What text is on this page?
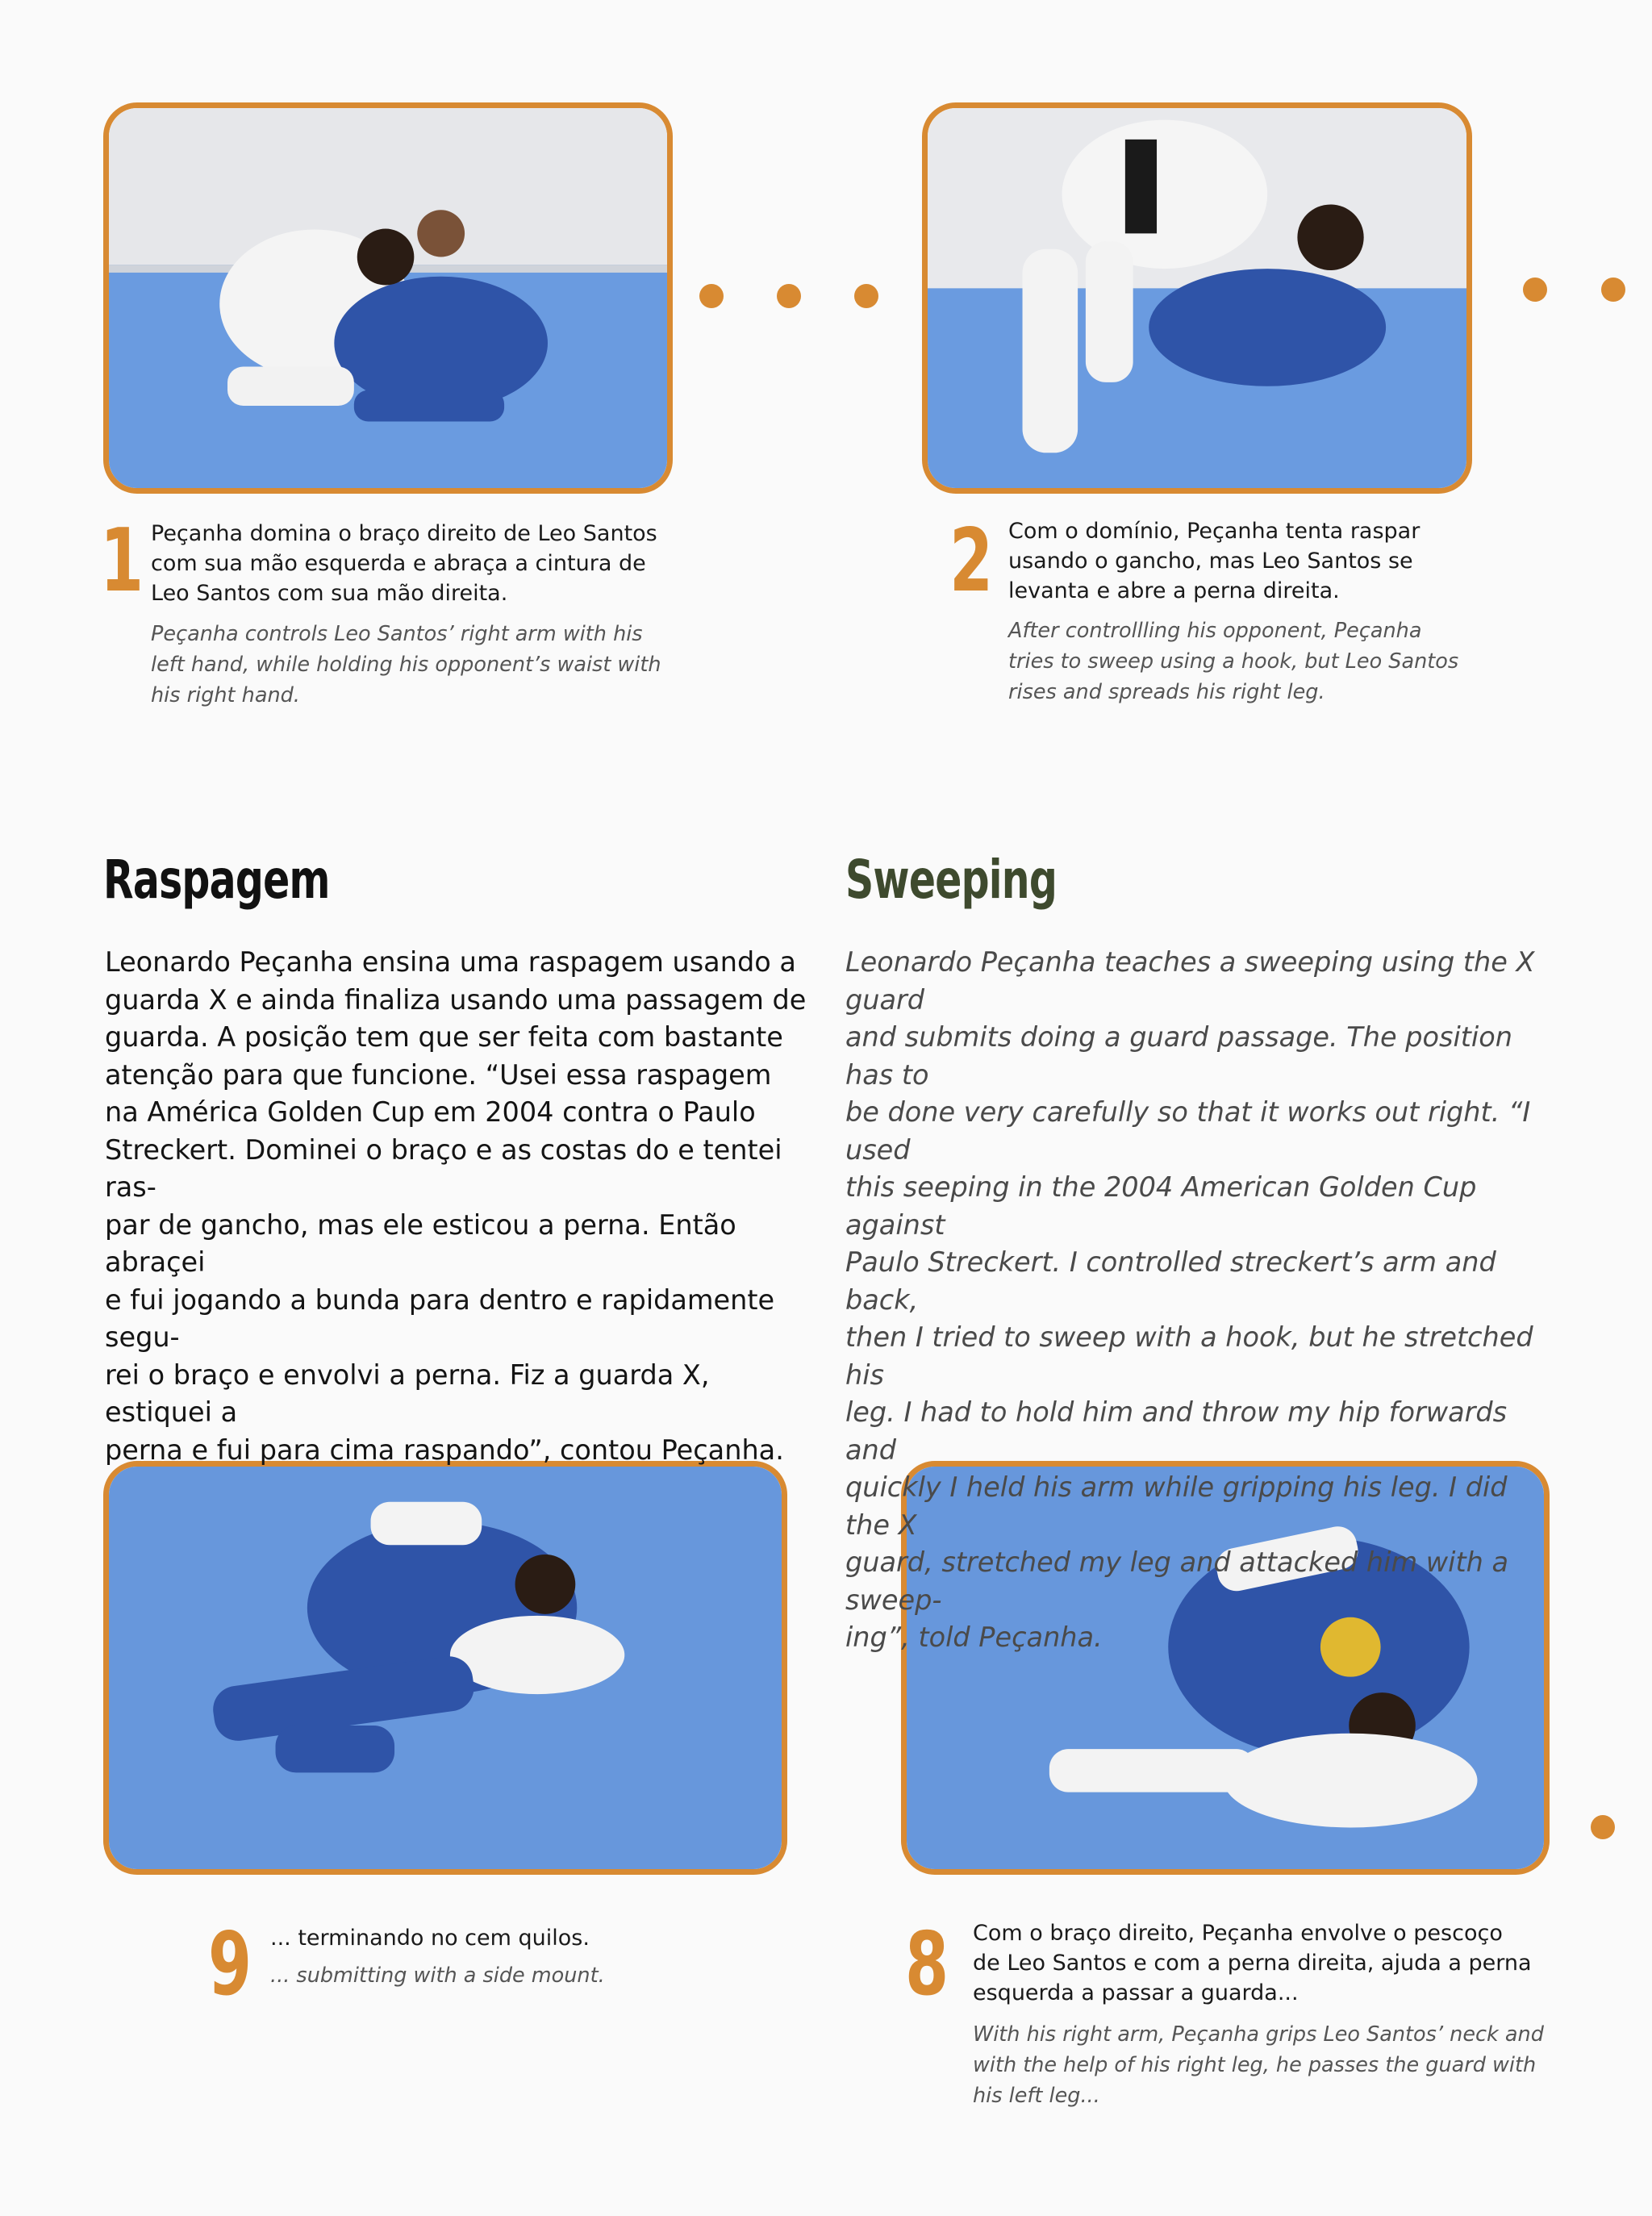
1 Peçanha domina o braço direito de Leo Santos
com sua mão esquerda e abraça a cintura de
Leo Santos com sua mão direita.
Peçanha controls Leo Santos’ right arm with his
left hand, while holding his opponent’s waist with
his right hand.
2 Com o domínio, Peçanha tenta raspar
usando o gancho, mas Leo Santos se
levanta e abre a perna direita.
After controllling his opponent, Peçanha
tries to sweep using a hook, but Leo Santos
rises and spreads his right leg.
Raspagem	Sweeping
Leonardo Peçanha ensina uma raspagem usando a
guarda X e ainda finaliza usando uma passagem de
guarda. A posição tem que ser feita com bastante
atenção para que funcione. “Usei essa raspagem
na América Golden Cup em 2004 contra o Paulo
Streckert. Dominei o braço e as costas do e tentei ras-
par de gancho, mas ele esticou a perna. Então abraçei
e fui jogando a bunda para dentro e rapidamente segu-
rei o braço e envolvi a perna. Fiz a guarda X, estiquei a
perna e fui para cima raspando”, contou Peçanha.
Leonardo Peçanha teaches a sweeping using the X guard
and submits doing a guard passage. The position has to
be done very carefully so that it works out right. “I used
this seeping in the 2004 American Golden Cup against
Paulo Streckert. I controlled streckert’s arm and back,
then I tried to sweep with a hook, but he stretched his
leg. I had to hold him and throw my hip forwards and
quickly I held his arm while gripping his leg. I did the X
guard, stretched my leg and attacked him with a sweep-
ing”, told Peçanha.
9 ... terminando no cem quilos.
... submitting with a side mount.	8 Com o braço direito, Peçanha envolve o pescoço
de Leo Santos e com a perna direita, ajuda a perna
esquerda a passar a guarda...
With his right arm, Peçanha grips Leo Santos’ neck and
with the help of his right leg, he passes the guard with
his left leg...
